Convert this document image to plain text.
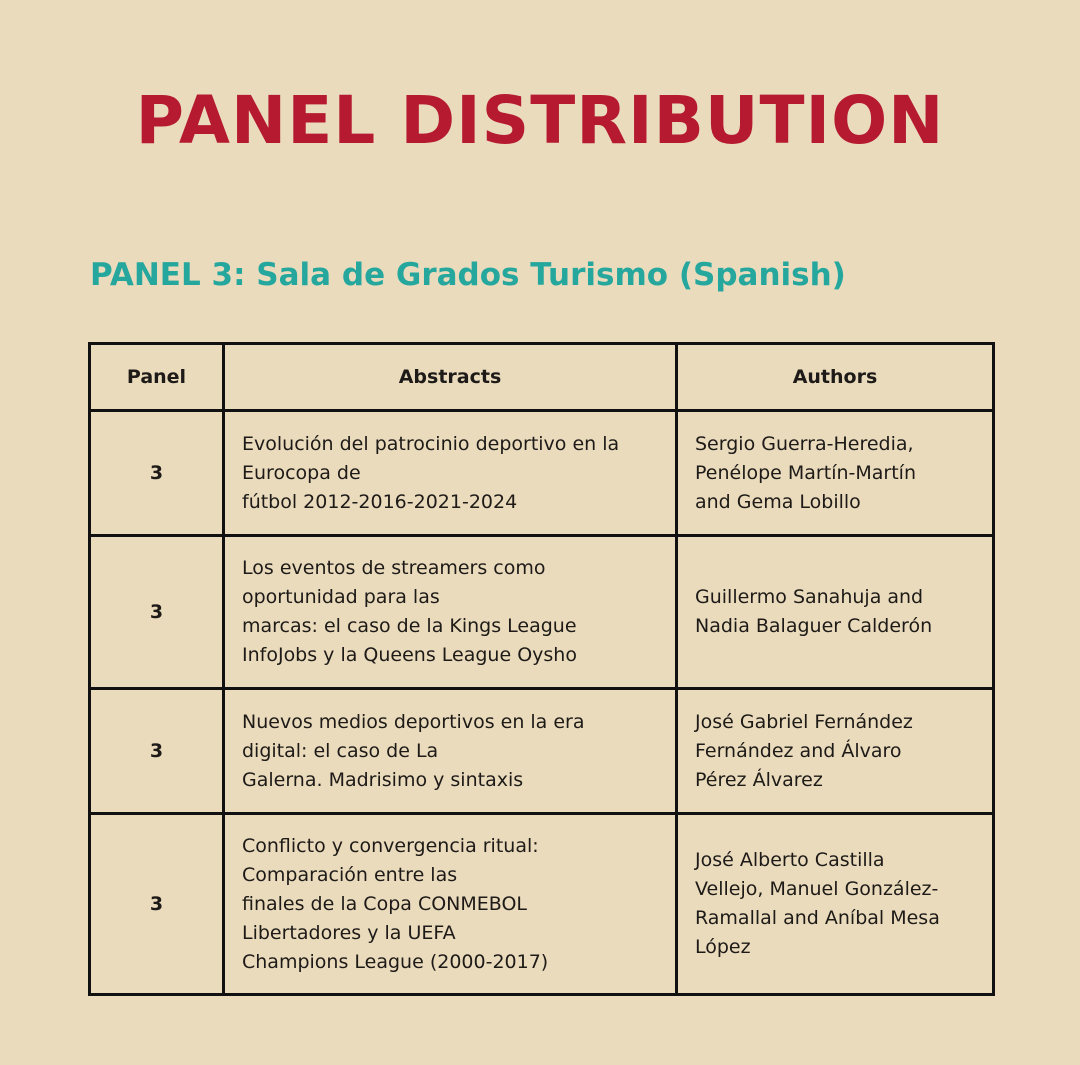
PANEL DISTRIBUTION
PANEL 3: Sala de Grados Turismo (Spanish)
Panel	Abstracts	Authors
3	Evolución del patrocinio deportivo en la
Eurocopa de
fútbol 2012-2016-2021-2024	Sergio Guerra-Heredia,
Penélope Martín-Martín
and Gema Lobillo

3	Los eventos de streamers como
oportunidad para las
marcas: el caso de la Kings League
InfoJobs y la Queens League Oysho	Guillermo Sanahuja and
Nadia Balaguer Calderón

3	Nuevos medios deportivos en la era
digital: el caso de La
Galerna. Madrisimo y sintaxis	José Gabriel Fernández
Fernández and Álvaro
Pérez Álvarez

3	Conflicto y convergencia ritual:
Comparación entre las
finales de la Copa CONMEBOL
Libertadores y la UEFA
Champions League (2000-2017)	José Alberto Castilla
Vellejo, Manuel González-
Ramallal and Aníbal Mesa
López
